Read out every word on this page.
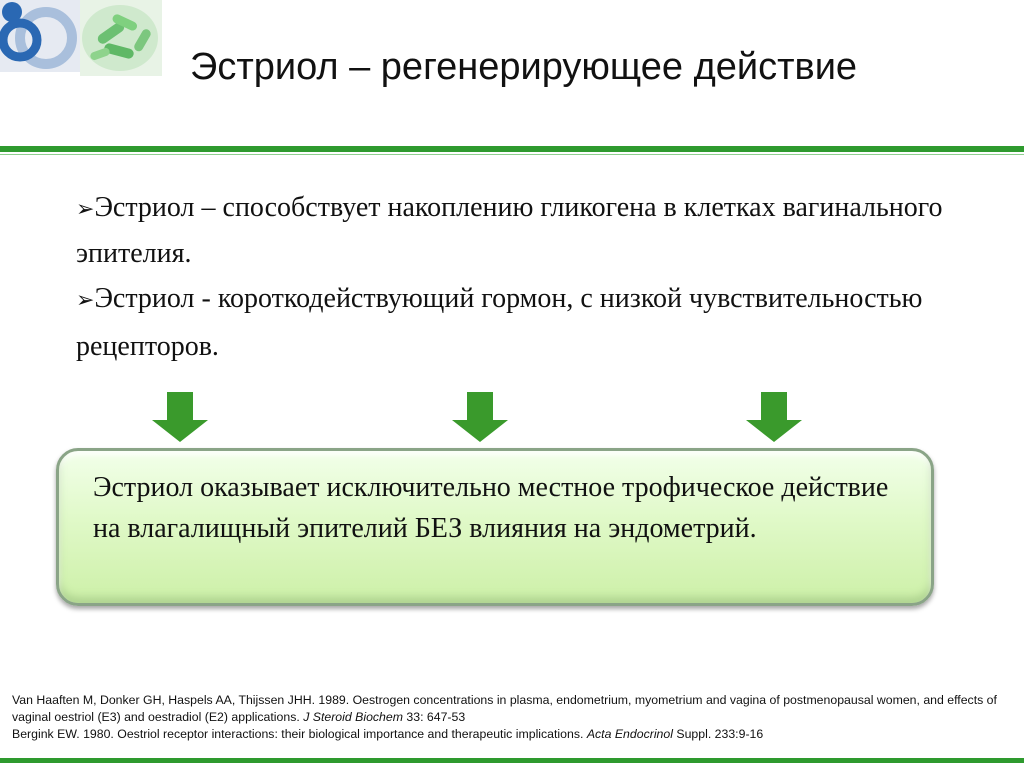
Эстриол – регенерирующее действие

➢Эстриол – способствует накоплению гликогена в клетках вагинального эпителия.

➢Эстриол - короткодействующий гормон, с низкой чувствительностью рецепторов.

Эстриол оказывает исключительно местное трофическое действие на влагалищный эпителий БЕЗ влияния на эндометрий.
Van Haaften M, Donker GH, Haspels AA, Thijssen JHH. 1989. Oestrogen concentrations in plasma, endometrium, myometrium and vagina of postmenopausal women, and effects of vaginal oestriol (E3) and oestradiol (E2) applications. J Steroid Biochem 33: 647-53
Bergink EW. 1980. Oestriol receptor interactions: their biological importance and therapeutic implications. Acta Endocrinol Suppl. 233:9-16
